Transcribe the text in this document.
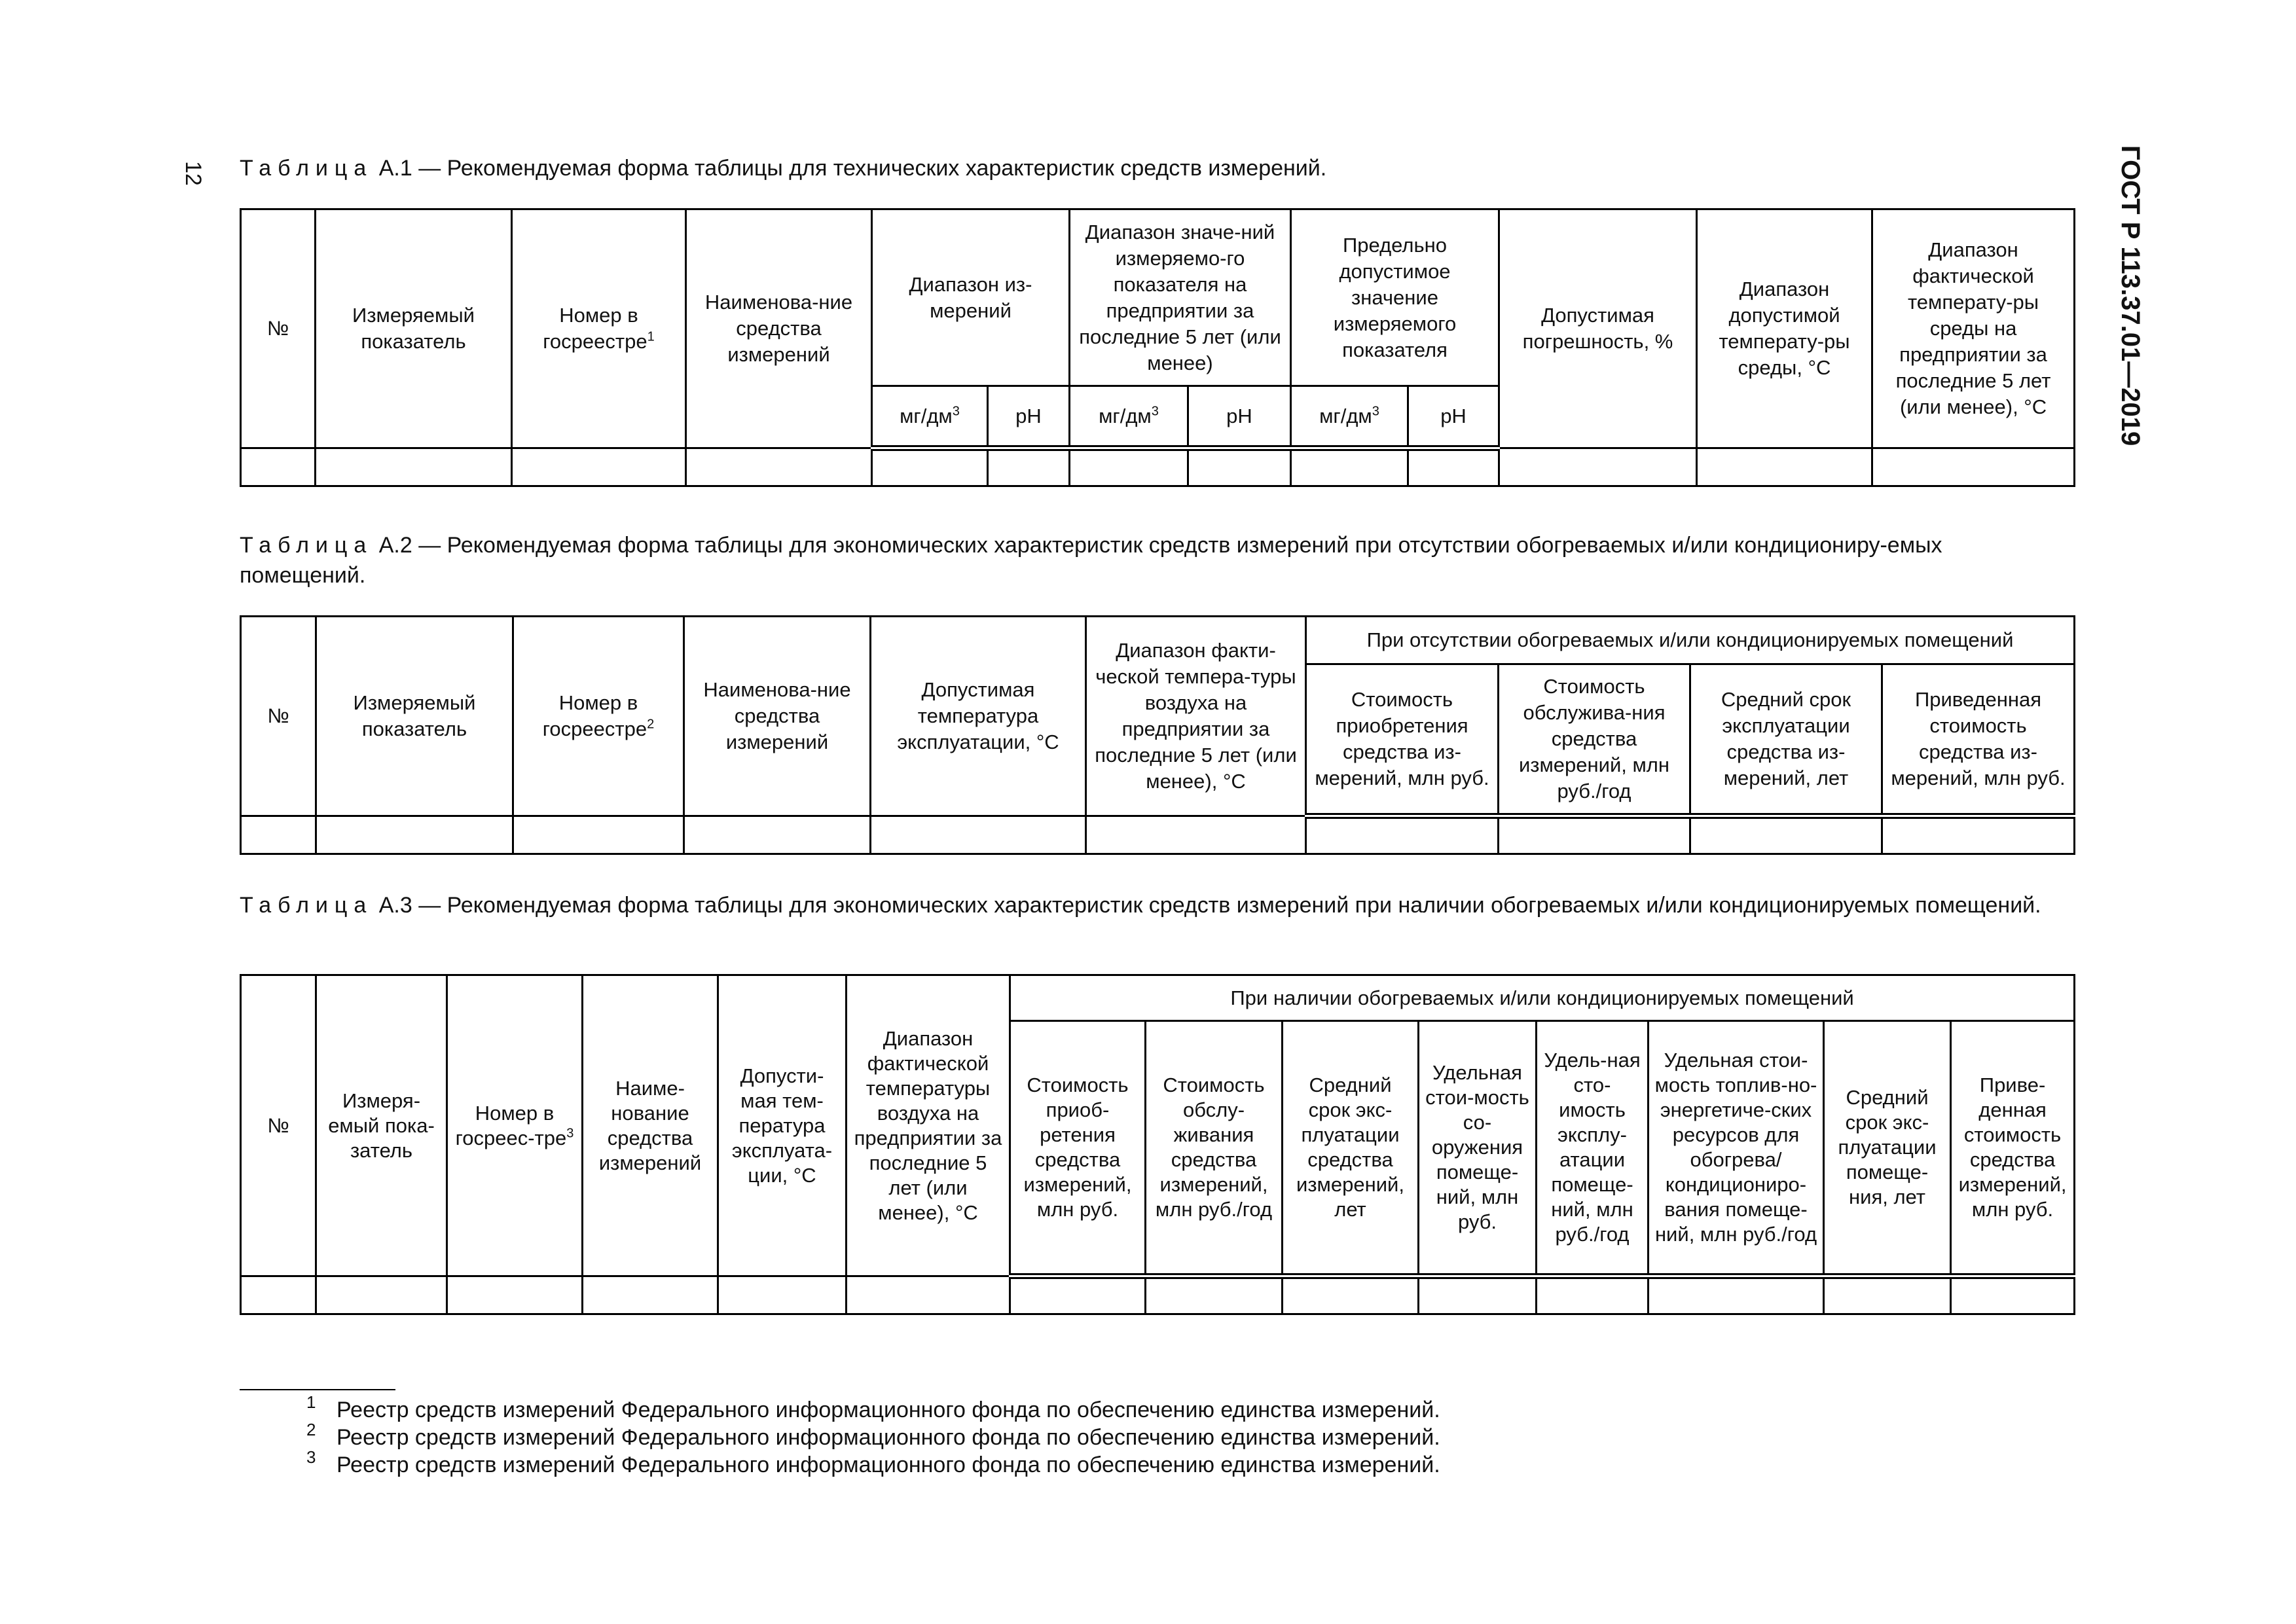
12	ГОСТ Р 113.37.01—2019
Таблица А.1 — Рекомендуемая форма таблицы для технических характеристик средств измерений.
№	Измеряемый показатель	Номер в госреестре$^1$	Наименова-ние средства измерений	Диапазон из-мерений		Диапазон значе-ний измеряемо-го показателя на предприятии за последние 5 лет (или менее)		Предельно допустимое значение измеряемого показателя		Допустимая погрешность, %	Диапазон допустимой температу-ры среды, °С	Диапазон фактической температу-ры среды на предприятии за последние 5 лет (или менее), °С
				$мг/дм^3$	pH	$мг/дм^3$	pH	$мг/дм^3$	pH			

Таблица А.2 — Рекомендуемая форма таблицы для экономических характеристик средств измерений при отсутствии обогреваемых и/или кондициониру-емых помещений.
№	Измеряемый показатель	Номер в госреестре$^2$	Наименова-ние средства измерений	Допустимая температура эксплуатации, °С	Диапазон факти-ческой темпера-туры воздуха на предприятии за последние 5 лет (или менее), °С	При отсутствии обогреваемых и/или кондиционируемых помещений			
						Стоимость приобретения средства из-мерений, млн руб.	Стоимость обслужива-ния средства измерений, млн руб./год	Средний срок эксплуатации средства из-мерений, лет	Приведенная стоимость средства из-мерений, млн руб.

Таблица А.3 — Рекомендуемая форма таблицы для экономических характеристик средств измерений при наличии обогреваемых и/или кондиционируемых помещений.
№	Измеря-емый пока-затель	Номер в госреес-тре$^3$	Наиме-нование средства измерений	Допусти-мая тем-пература эксплуата-ции, °С	Диапазон фактической температуры воздуха на предприятии за последние 5 лет (или менее), °С	При наличии обогреваемых и/или кондиционируемых помещений							
						Стоимость приоб-ретения средства измерений, млн руб.	Стоимость обслу-живания средства измерений, млн руб./год	Средний срок экс-плуатации средства измерений, лет	Удельная стои-мость со-оружения помеще-ний, млн руб.	Удель-ная сто-имость эксплу-атации помеще-ний, млн руб./год	Удельная стои-мость топлив-но-энергетиче-ских ресурсов для обогрева/ кондициониро-вания помеще-ний, млн руб./год	Средний срок экс-плуатации помеще-ния, лет	Приве-денная стоимость средства измерений, млн руб.

1 Реестр средств измерений Федерального информационного фонда по обеспечению единства измерений.
2 Реестр средств измерений Федерального информационного фонда по обеспечению единства измерений.
3 Реестр средств измерений Федерального информационного фонда по обеспечению единства измерений.
